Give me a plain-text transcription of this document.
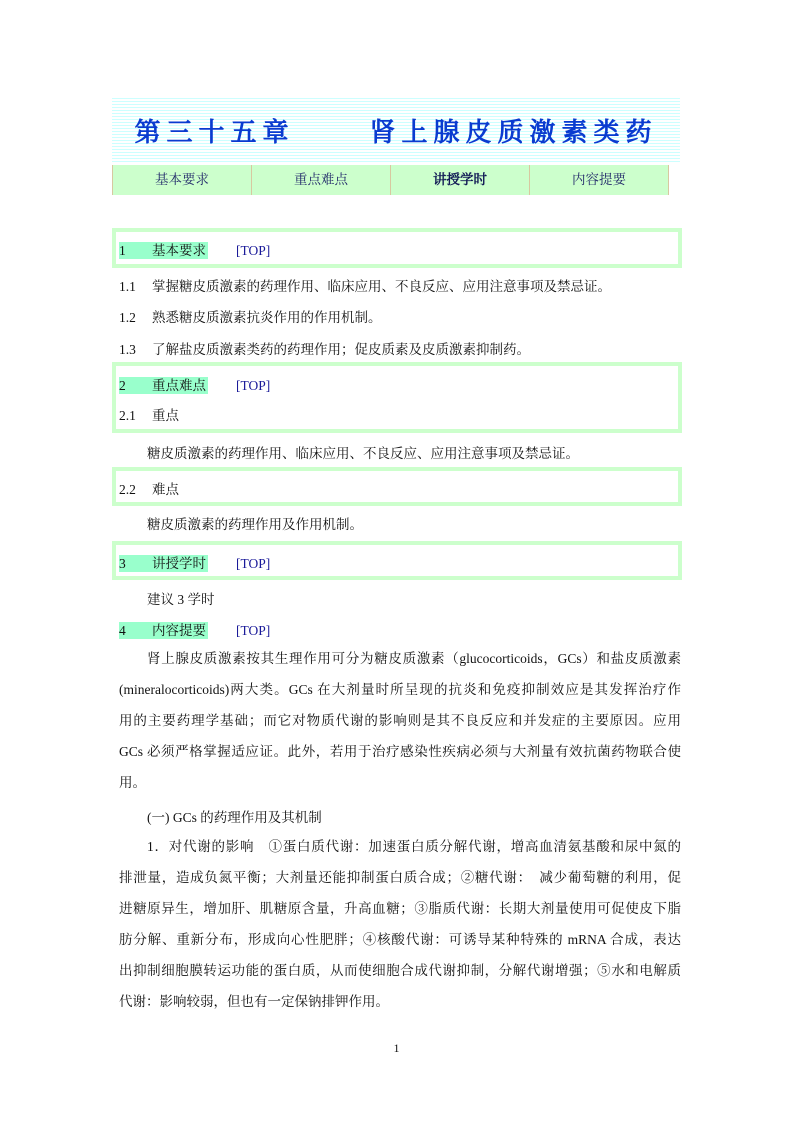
第三十五章      肾上腺皮质激素类药
基本要求	重点难点	讲授学时	内容提要
1 基本要求 [TOP]
1.1 掌握糖皮质激素的药理作用、临床应用、不良反应、应用注意事项及禁忌证。
1.2 熟悉糖皮质激素抗炎作用的作用机制。
1.3 了解盐皮质激素类药的药理作用；促皮质素及皮质激素抑制药。
2 重点难点 [TOP]
2.1 重点
糖皮质激素的药理作用、临床应用、不良反应、应用注意事项及禁忌证。
2.2 难点
糖皮质激素的药理作用及作用机制。
3 讲授学时 [TOP]
建议 3 学时
4 内容提要 [TOP]
肾上腺皮质激素按其生理作用可分为糖皮质激素（glucocorticoids，GCs）和盐皮质激素
(mineralocorticoids)两大类。GCs 在大剂量时所呈现的抗炎和免疫抑制效应是其发挥治疗作
用的主要药理学基础；而它对物质代谢的影响则是其不良反应和并发症的主要原因。应用
GCs 必须严格掌握适应证。此外，若用于治疗感染性疾病必须与大剂量有效抗菌药物联合使
用。
(一) GCs 的药理作用及其机制
1．对代谢的影响　①蛋白质代谢：加速蛋白质分解代谢，增高血清氨基酸和尿中氮的
排泄量，造成负氮平衡；大剂量还能抑制蛋白质合成；②糖代谢：　减少葡萄糖的利用，促
进糖原异生，增加肝、肌糖原含量，升高血糖；③脂质代谢：长期大剂量使用可促使皮下脂
肪分解、重新分布，形成向心性肥胖；④核酸代谢：可诱导某种特殊的 mRNA 合成，表达
出抑制细胞膜转运功能的蛋白质，从而使细胞合成代谢抑制，分解代谢增强；⑤水和电解质
代谢：影响较弱，但也有一定保钠排钾作用。
1
